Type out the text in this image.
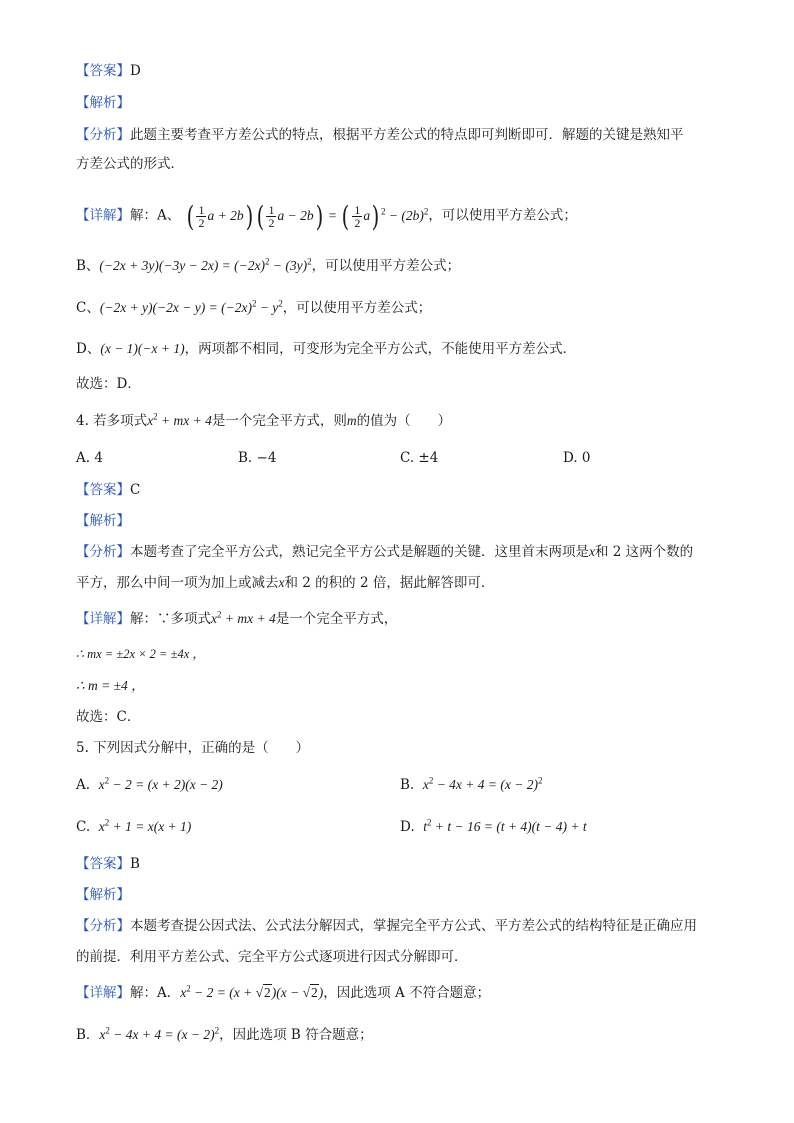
【答案】D
【解析】
【分析】此题主要考查平方差公式的特点，根据平方差公式的特点即可判断即可．解题的关键是熟知平
方差公式的形式．
【详解】解：A、 ( $\frac{1}{2}$ a + 2b) ( $\frac{1}{2}$ a − 2b) = ( $\frac{1}{2} a$) $^2 - (2b)^2$，可以使用平方差公式；
B、$(-2x + 3y)(-3y - 2x) = (-2x)^2 - (3y)^2$，可以使用平方差公式；
C、$(-2x + y)(-2x - y) = (-2x)^2 - y^2$，可以使用平方差公式；
D、(x − 1)(−x + 1)，两项都不相同，可变形为完全平方公式，不能使用平方差公式．
故选：D．
4. 若多项式$x^2$ + mx + 4是一个完全平方式，则m的值为（　　）
A. 4	B. −4	C. ±4	D. 0
【答案】C
【解析】
【分析】本题考查了完全平方公式，熟记完全平方公式是解题的关键．这里首末两项是x和 2 这两个数的
平方，那么中间一项为加上或减去x和 2 的积的 2 倍，据此解答即可．
【详解】解：∵多项式$x^2$ + mx + 4是一个完全平方式，
∴ mx = ±2x × 2 = ±4x ，
∴ m = ±4 ，
故选：C．
5. 下列因式分解中，正确的是（　　）
A. $x^2 - 2 = (x + 2)(x - 2)$	B. $x^2 - 4x + 4 = (x - 2)^2$
C. $x^2 + 1 = x(x + 1)$	D. $t^2 + t - 16 = (t + 4)(t - 4) + t$
【答案】B
【解析】
【分析】本题考查提公因式法、公式法分解因式，掌握完全平方公式、平方差公式的结构特征是正确应用
的前提．利用平方差公式、完全平方公式逐项进行因式分解即可．
【详解】解：A．$x^2 - 2 = (x + √2)(x - √2)$，因此选项 A 不符合题意；
B．$x^2 - 4x + 4 = (x - 2)^2$，因此选项 B 符合题意；
